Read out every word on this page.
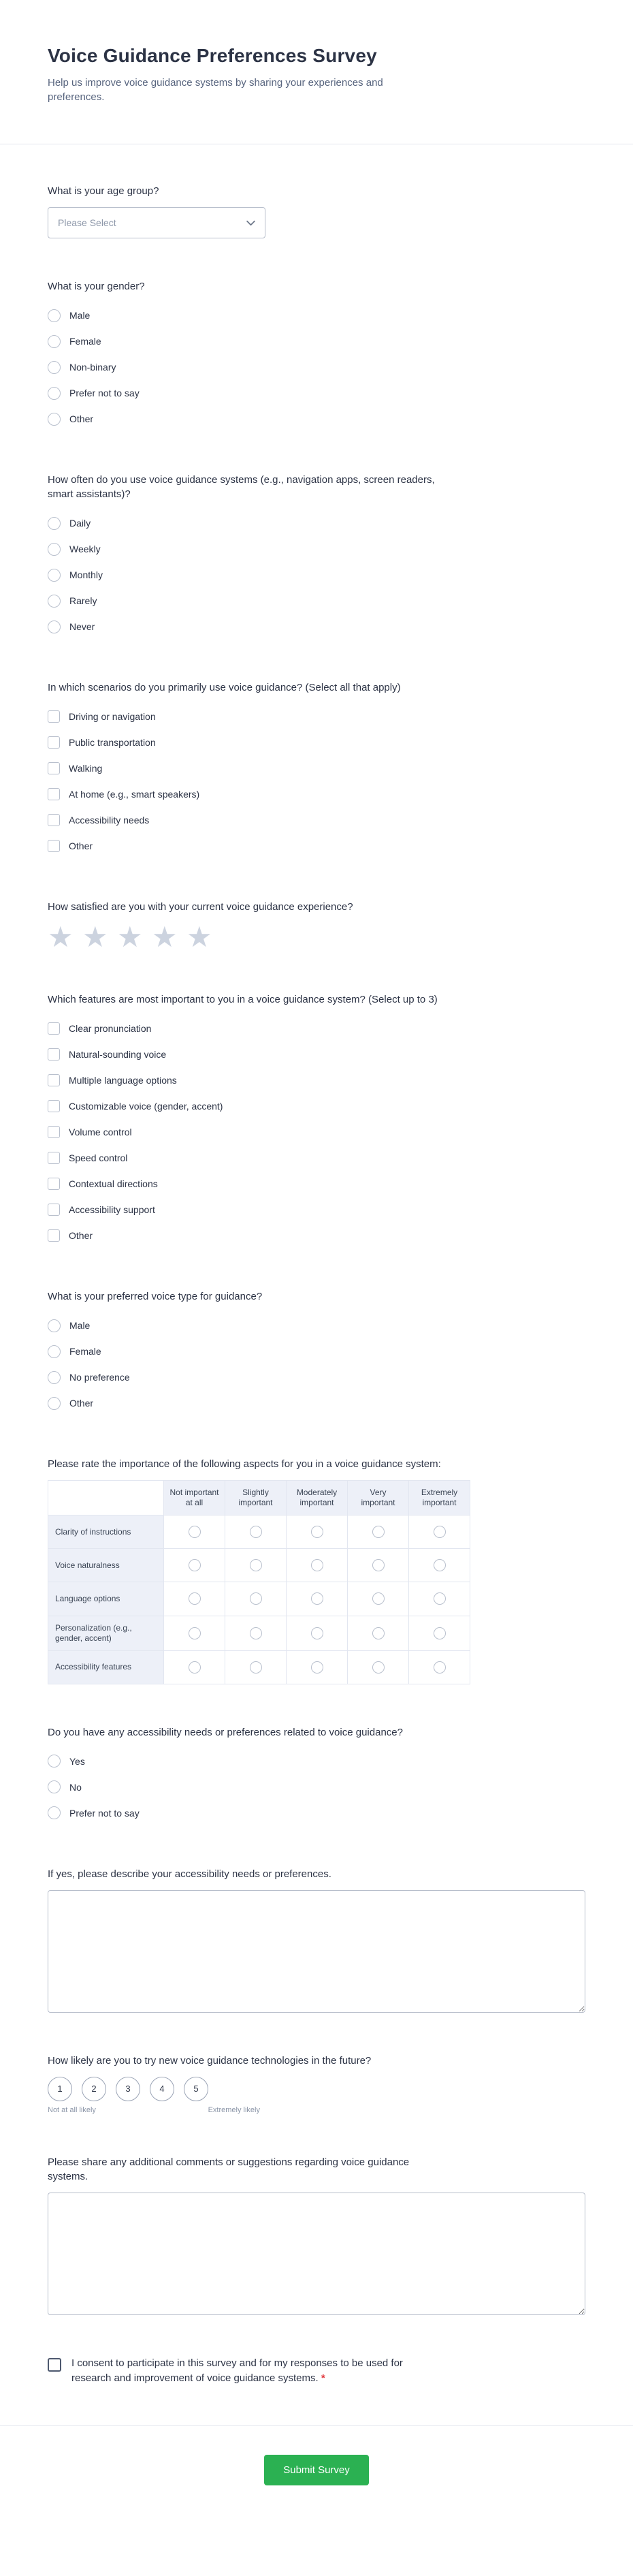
Voice Guidance Preferences Survey

Help us improve voice guidance systems by sharing your experiences and preferences.

What is your age group?
Please Select
What is your gender?
Male
Female
Non-binary
Prefer not to say
Other
How often do you use voice guidance systems (e.g., navigation apps, screen readers, smart assistants)?
Daily
Weekly
Monthly
Rarely
Never
In which scenarios do you primarily use voice guidance? (Select all that apply)
Driving or navigation
Public transportation
Walking
At home (e.g., smart speakers)
Accessibility needs
Other
How satisfied are you with your current voice guidance experience?
★
★
★
★
★
Which features are most important to you in a voice guidance system? (Select up to 3)
Clear pronunciation
Natural-sounding voice
Multiple language options
Customizable voice (gender, accent)
Volume control
Speed control
Contextual directions
Accessibility support
Other
What is your preferred voice type for guidance?
Male
Female
No preference
Other
Please rate the importance of the following aspects for you in a voice guidance system:
	Not important at all	Slightly important	Moderately important	Very important	Extremely important
Clarity of instructions					
Voice naturalness					
Language options					
Personalization (e.g., gender, accent)					
Accessibility features					
Do you have any accessibility needs or preferences related to voice guidance?
Yes
No
Prefer not to say
If yes, please describe your accessibility needs or preferences.
How likely are you to try new voice guidance technologies in the future?
1	2	3	4	5
Not at all likely	Extremely likely
Please share any additional comments or suggestions regarding voice guidance systems.

I consent to participate in this survey and for my responses to be used for research and improvement of voice guidance systems. *

Submit Survey
